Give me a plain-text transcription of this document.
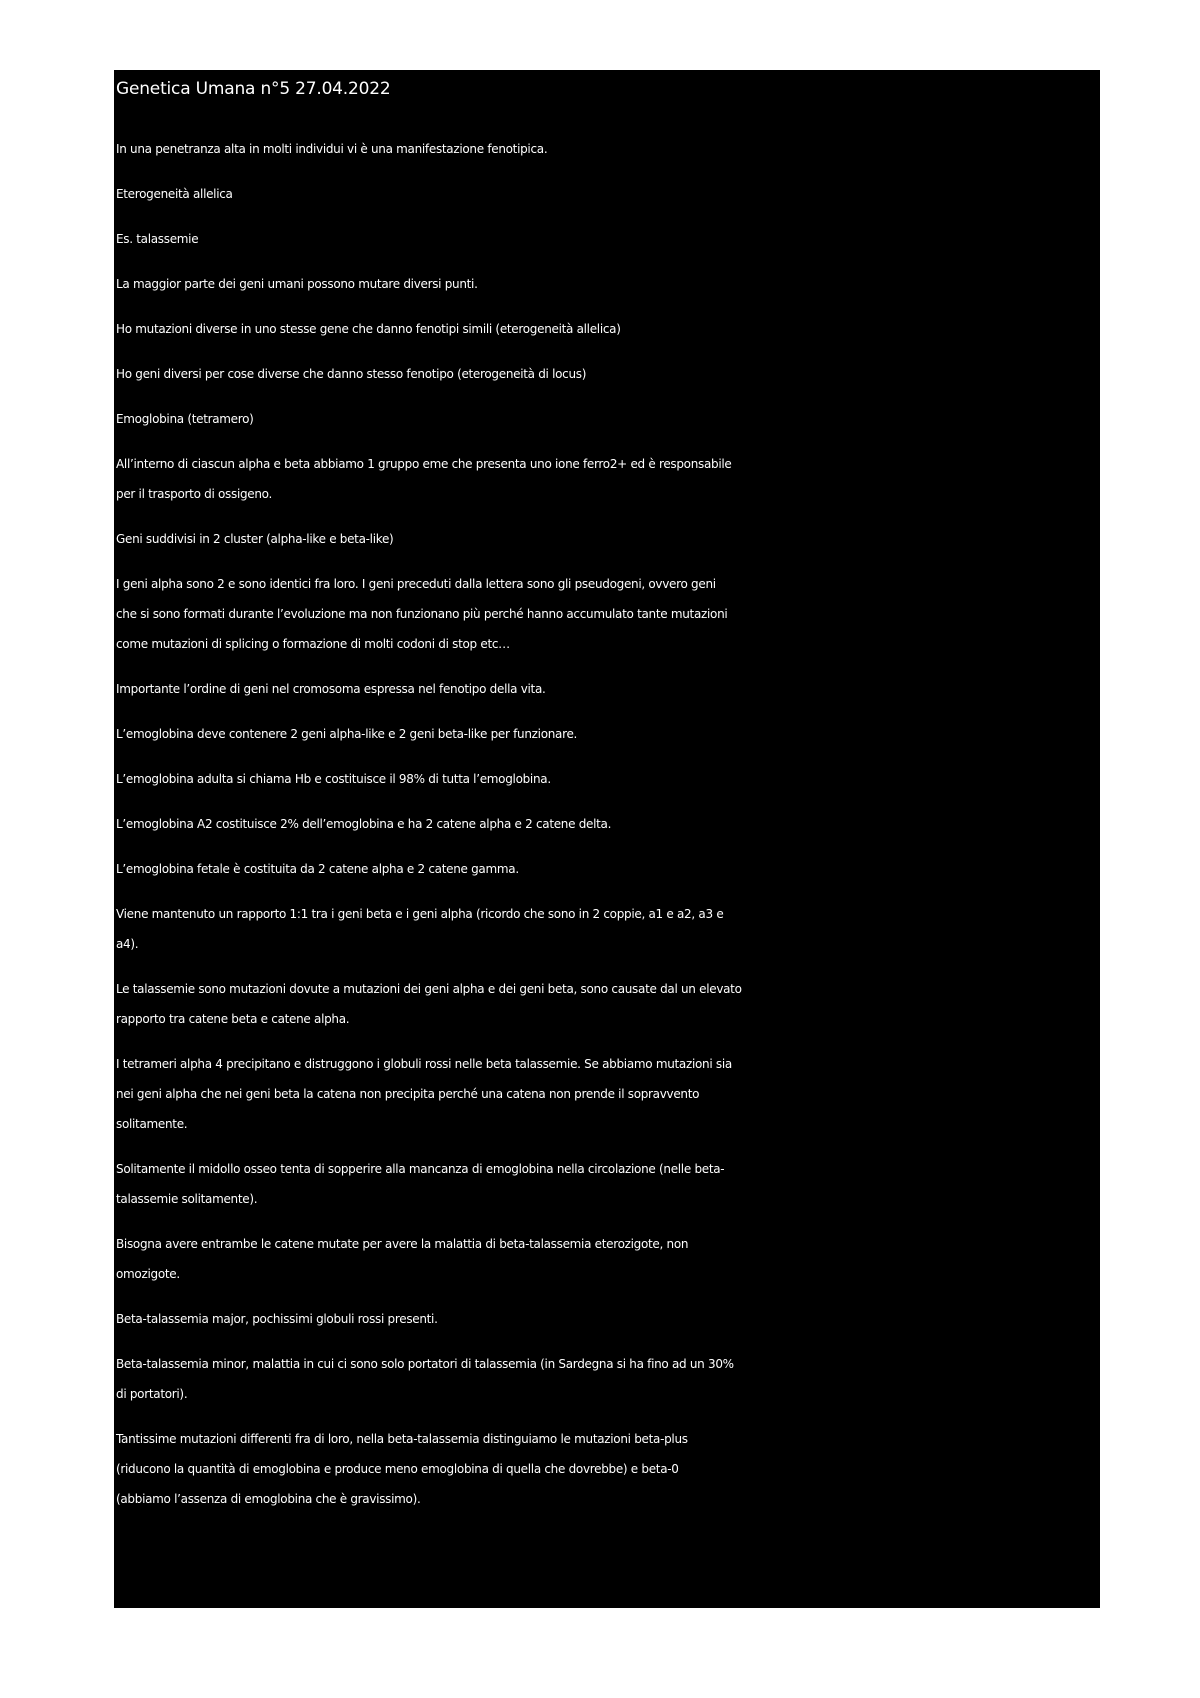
Genetica Umana n°5 27.04.2022

In una penetranza alta in molti individui vi è una manifestazione fenotipica.

Eterogeneità allelica

Es. talassemie

La maggior parte dei geni umani possono mutare diversi punti.

Ho mutazioni diverse in uno stesse gene che danno fenotipi simili (eterogeneità allelica)

Ho geni diversi per cose diverse che danno stesso fenotipo (eterogeneità di locus)

Emoglobina (tetramero)

All’interno di ciascun alpha e beta abbiamo 1 gruppo eme che presenta uno ione ferro2+ ed è responsabile
per il trasporto di ossigeno.

Geni suddivisi in 2 cluster (alpha-like e beta-like)

I geni alpha sono 2 e sono identici fra loro. I geni preceduti dalla lettera sono gli pseudogeni, ovvero geni
che si sono formati durante l’evoluzione ma non funzionano più perché hanno accumulato tante mutazioni
come mutazioni di splicing o formazione di molti codoni di stop etc…

Importante l’ordine di geni nel cromosoma espressa nel fenotipo della vita.

L’emoglobina deve contenere 2 geni alpha-like e 2 geni beta-like per funzionare.

L’emoglobina adulta si chiama Hb e costituisce il 98% di tutta l’emoglobina.

L’emoglobina A2 costituisce 2% dell’emoglobina e ha 2 catene alpha e 2 catene delta.

L’emoglobina fetale è costituita da 2 catene alpha e 2 catene gamma.

Viene mantenuto un rapporto 1:1 tra i geni beta e i geni alpha (ricordo che sono in 2 coppie, a1 e a2, a3 e
a4).

Le talassemie sono mutazioni dovute a mutazioni dei geni alpha e dei geni beta, sono causate dal un elevato
rapporto tra catene beta e catene alpha.

I tetrameri alpha 4 precipitano e distruggono i globuli rossi nelle beta talassemie. Se abbiamo mutazioni sia
nei geni alpha che nei geni beta la catena non precipita perché una catena non prende il sopravvento
solitamente.

Solitamente il midollo osseo tenta di sopperire alla mancanza di emoglobina nella circolazione (nelle beta-
talassemie solitamente).

Bisogna avere entrambe le catene mutate per avere la malattia di beta-talassemia eterozigote, non
omozigote.

Beta-talassemia major, pochissimi globuli rossi presenti.

Beta-talassemia minor, malattia in cui ci sono solo portatori di talassemia (in Sardegna si ha fino ad un 30%
di portatori).

Tantissime mutazioni differenti fra di loro, nella beta-talassemia distinguiamo le mutazioni beta-plus
(riducono la quantità di emoglobina e produce meno emoglobina di quella che dovrebbe) e beta-0
(abbiamo l’assenza di emoglobina che è gravissimo).
